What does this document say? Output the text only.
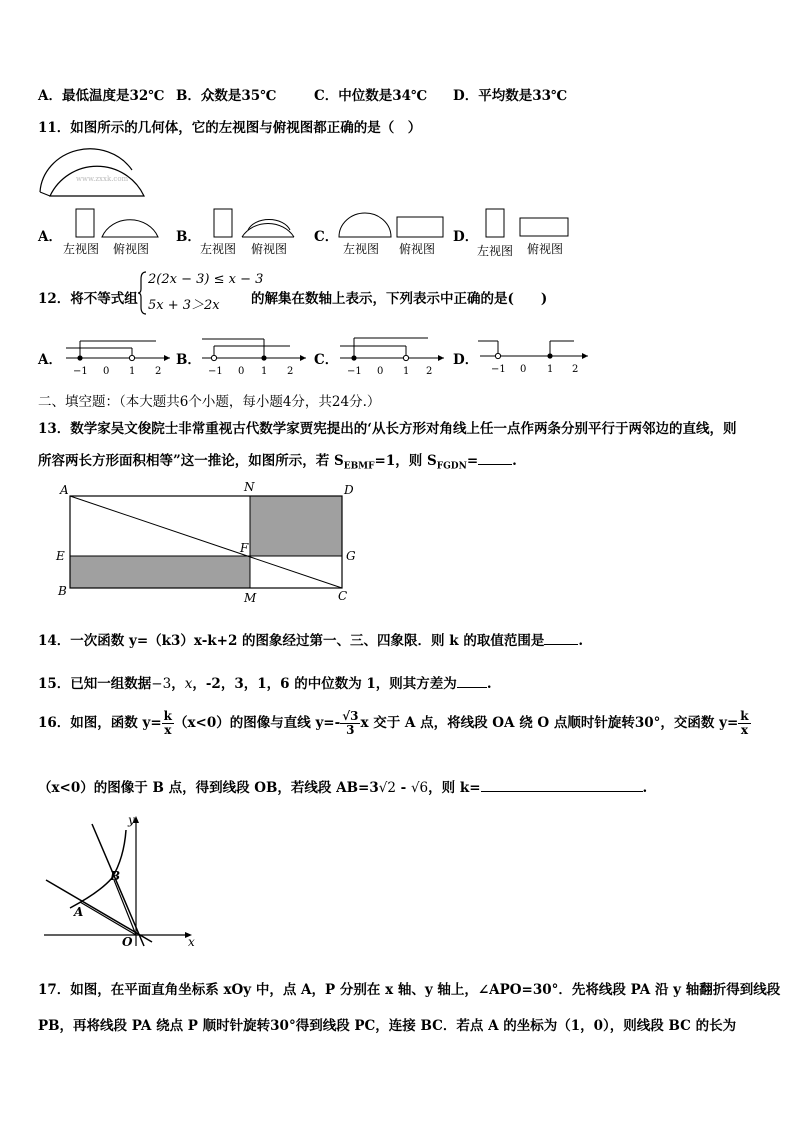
A．最低温度是32℃ B．众数是35℃	C．中位数是34℃ D．平均数是33℃
11．如图所示的几何体，它的左视图与俯视图都正确的是（　）
www.zxxk.com
A．
左视图 俯视图
B．
左视图 俯视图
C．
左视图 俯视图
D．
左视图 俯视图
12．将不等式组
2(2x − 3) ≤ x − 3
5x + 3＞2x 的解集在数轴上表示，下列表示中正确的是(　　)
A．
−1 0 1 2
B．
−1 0 1 2
C．
−1 0 1 2
D．
−1 0 1 2
二、填空题：（本大题共6个小题，每小题4分，共24分.）
13．数学家吴文俊院士非常重视古代数学家贾宪提出的‘从长方形对角线上任一点作两条分别平行于两邻边的直线，则
所容两长方形面积相等”这一推论，如图所示，若 $S_{EBMF}=1$，则 $S_{FGDN}=$	.
A	N	D
E
F
G
B	M	C
14．一次函数 y=（k3）x-k+2 的图象经过第一、三、四象限．则 k 的取值范围是	.
15．已知一组数据−3，x，-2，3，1，6 的中位数为 1，则其方差为 .
16．如图，函数 $y= \frac{k}{x} (x<0)$的图像与直线 $y=- \frac{√3}{3}$ x 交于 A 点，将线段 OA 绕 O 点顺时针旋转30°，交函数 $y= \frac{k}{x}$
（x<0）的图像于 B 点，得到线段 OB，若线段 AB=3√2 - √6，则 k=	.
y
x
B
A
O
17．如图，在平面直角坐标系 xOy 中，点 A，P 分别在 x 轴、y 轴上，∠APO=30°．先将线段 PA 沿 y 轴翻折得到线段
PB，再将线段 PA 绕点 P 顺时针旋转30°得到线段 PC，连接 BC．若点 A 的坐标为（1，0），则线段 BC 的长为
